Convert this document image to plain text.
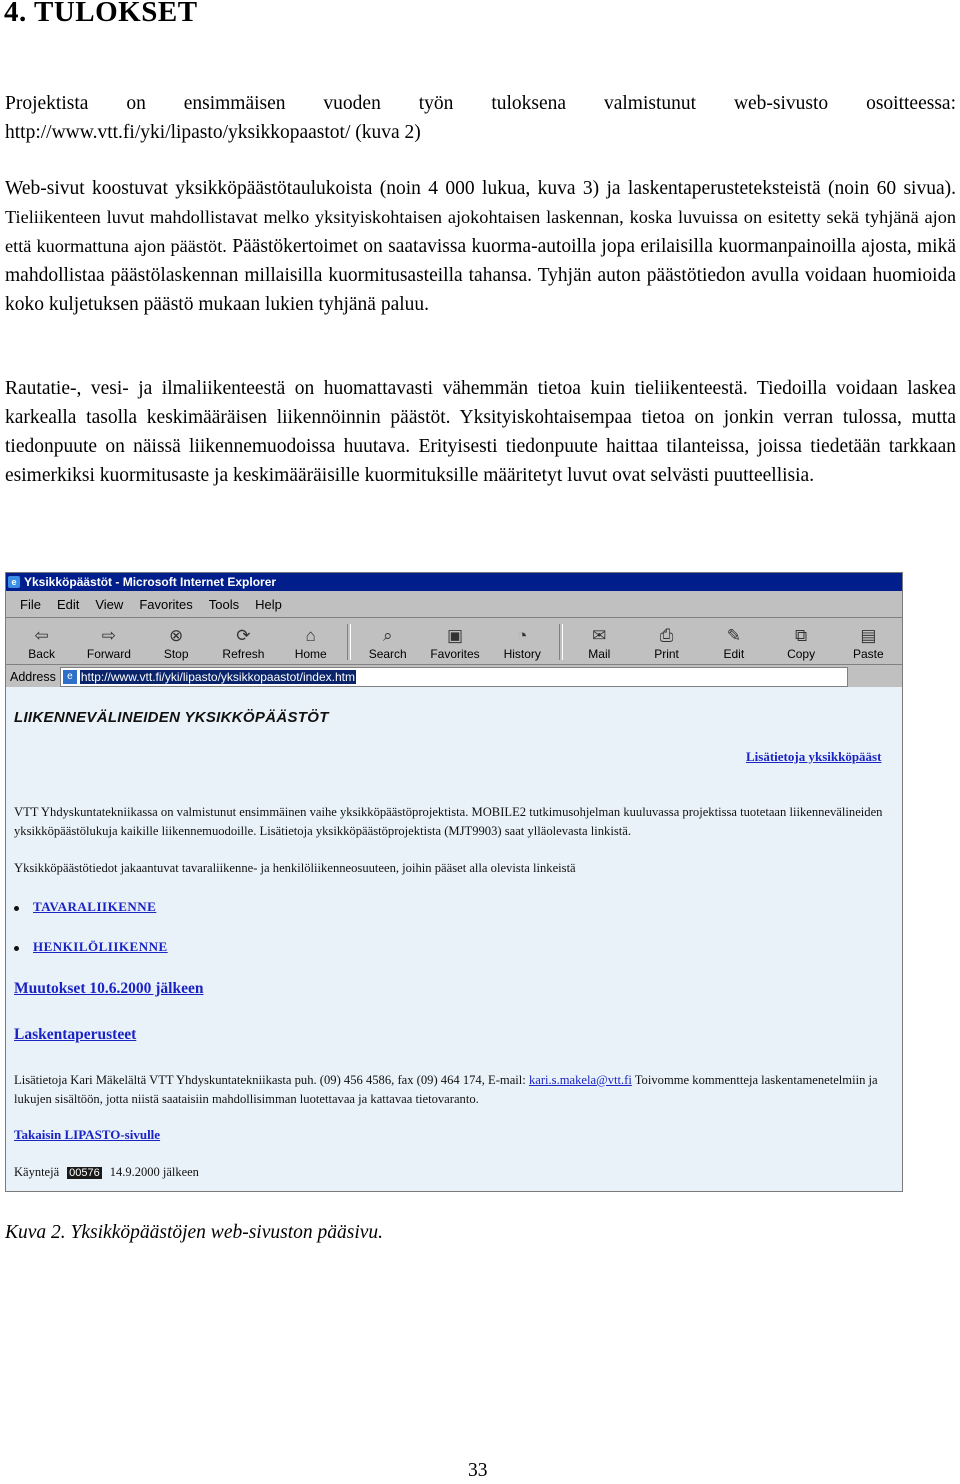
4. TULOKSET

Projektista on ensimmäisen vuoden työn tuloksena valmistunut web-sivusto osoitteessa: http://www.vtt.fi/yki/lipasto/yksikkopaastot/ (kuva 2)

Web-sivut koostuvat yksikköpäästötaulukoista (noin 4 000 lukua, kuva 3) ja laskentaperusteteksteistä (noin 60 sivua). Tieliikenteen luvut mahdollistavat melko yksityiskohtaisen ajokohtaisen laskennan, koska luvuissa on esitetty sekä tyhjänä ajon että kuormattuna ajon päästöt. Päästökertoimet on saatavissa kuorma-autoilla jopa erilaisilla kuormanpainoilla ajosta, mikä mahdollistaa päästölaskennan millaisilla kuormitusasteilla tahansa. Tyhjän auton päästötiedon avulla voidaan huomioida koko kuljetuksen päästö mukaan lukien tyhjänä paluu.

Rautatie-, vesi- ja ilmaliikenteestä on huomattavasti vähemmän tietoa kuin tieliikenteestä. Tiedoilla voidaan laskea karkealla tasolla keskimääräisen liikennöinnin päästöt. Yksityiskohtaisempaa tietoa on jonkin verran tulossa, mutta tiedonpuute on näissä liikennemuodoissa huutava. Erityisesti tiedonpuute haittaa tilanteissa, joissa tiedetään tarkkaan esimerkiksi kuormitusaste ja keskimääräisille kuormituksille määritetyt luvut ovat selvästi puutteellisia.

e Yksikköpäästöt - Microsoft Internet Explorer
File Edit View Favorites Tools Help
⇦
Back
⇨
Forward
⊗
Stop
⟳
Refresh
⌂
Home
⌕
Search
▣
Favorites
◔
History
✉
Mail
⎙
Print
✎
Edit
⧉
Copy
▤
Paste
Address	e http://www.vtt.fi/yki/lipasto/yksikkopaastot/index.htm
LIIKENNEVÄLINEIDEN YKSIKKÖPÄÄSTÖT
Lisätietoja yksikköpääst
VTT Yhdyskuntatekniikassa on valmistunut ensimmäinen vaihe yksikköpäästöprojektista. MOBILE2 tutkimusohjelman kuuluvassa projektissa tuotetaan liikennevälineiden yksikköpäästölukuja kaikille liikennemuodoille. Lisätietoja yksikköpäästöprojektista (MJT9903) saat ylläolevasta linkistä.
Yksikköpäästötiedot jakaantuvat tavaraliikenne- ja henkilöliikenneosuuteen, joihin pääset alla olevista linkeistä
TAVARALIIKENNE
HENKILÖLIIKENNE
Muutokset 10.6.2000 jälkeen
Laskentaperusteet
Lisätietoja Kari Mäkelältä VTT Yhdyskuntatekniikasta puh. (09) 456 4586, fax (09) 464 174, E-mail: kari.s.makela@vtt.fi Toivomme kommentteja laskentamenetelmiin ja lukujen sisältöön, jotta niistä saataisiin mahdollisimman luotettavaa ja kattavaa tietovaranto.
Takaisin LIPASTO-sivulle
Käyntejä 00576 14.9.2000 jälkeen

Kuva 2. Yksikköpäästöjen web-sivuston pääsivu.

33
